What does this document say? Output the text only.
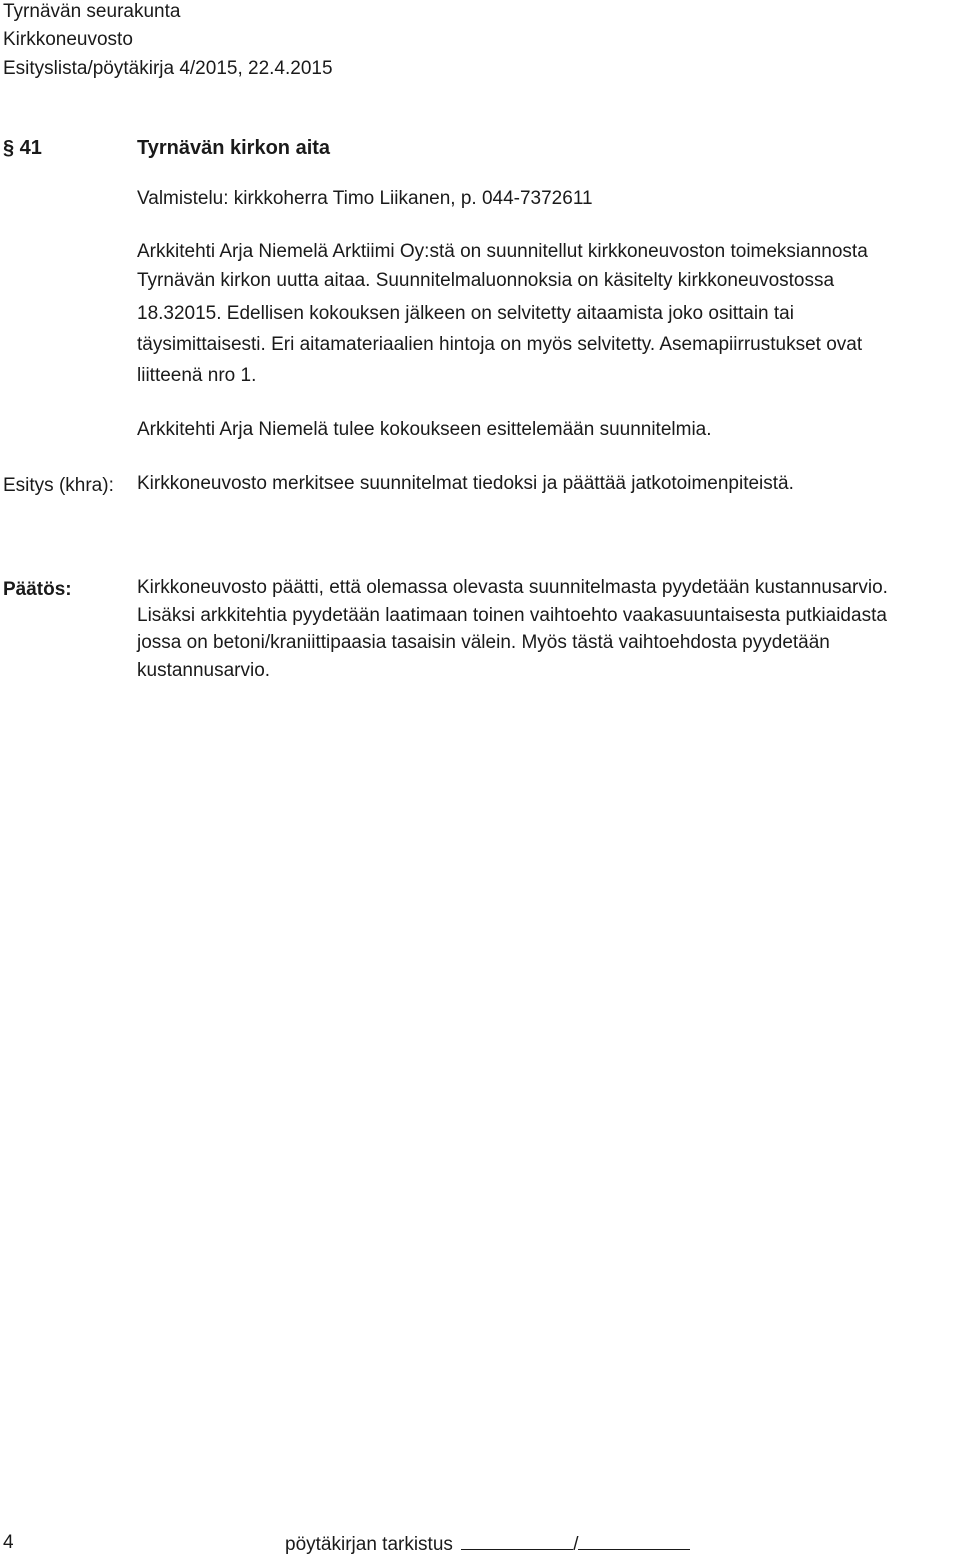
Tyrnävän seurakunta
Kirkkoneuvosto
Esityslista/pöytäkirja 4/2015, 22.4.2015
§ 41	Tyrnävän kirkon aita
Valmistelu: kirkkoherra Timo Liikanen, p. 044-7372611
Arkkitehti Arja Niemelä Arktiimi Oy:stä on suunnitellut kirkkoneuvoston toimeksiannosta
Tyrnävän kirkon uutta aitaa. Suunnitelmaluonnoksia on käsitelty kirkkoneuvostossa
18.32015. Edellisen kokouksen jälkeen on selvitetty aitaamista joko osittain tai
täysimittaisesti. Eri aitamateriaalien hintoja on myös selvitetty. Asemapiirrustukset ovat
liitteenä nro 1.
Arkkitehti Arja Niemelä tulee kokoukseen esittelemään suunnitelmia.
Esitys (khra): Kirkkoneuvosto merkitsee suunnitelmat tiedoksi ja päättää jatkotoimenpiteistä.
Päätös:	Kirkkoneuvosto päätti, että olemassa olevasta suunnitelmasta pyydetään kustannusarvio.
Lisäksi arkkitehtia pyydetään laatimaan toinen vaihtoehto vaakasuuntaisesta putkiaidasta
jossa on betoni/kraniittipaasia tasaisin välein. Myös tästä vaihtoehdosta pyydetään
kustannusarvio.
4	pöytäkirjan tarkistus	/
